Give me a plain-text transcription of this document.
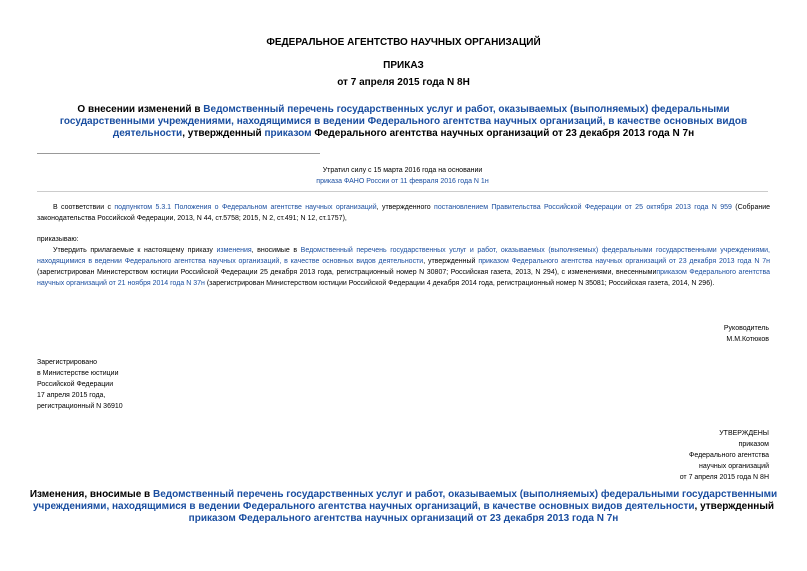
ФЕДЕРАЛЬНОЕ АГЕНТСТВО НАУЧНЫХ ОРГАНИЗАЦИЙ
ПРИКАЗ
от 7 апреля 2015 года N 8Н
О внесении изменений в Ведомственный перечень государственных услуг и работ, оказываемых (выполняемых) федеральными государственными учреждениями, находящимися в ведении Федерального агентства научных организаций, в качестве основных видов деятельности, утвержденный приказом Федерального агентства научных организаций от 23 декабря 2013 года N 7н
Утратил силу с 15 марта 2016 года на основании
приказа ФАНО России от 11 февраля 2016 года N 1н
В соответствии с подпунктом 5.3.1 Положения о Федеральном агентстве научных организаций, утвержденного постановлением Правительства Российской Федерации от 25 октября 2013 года N 959 (Собрание законодательства Российской Федерации, 2013, N 44, ст.5758; 2015, N 2, ст.491; N 12, ст.1757),
приказываю:
Утвердить прилагаемые к настоящему приказу изменения, вносимые в Ведомственный перечень государственных услуг и работ, оказываемых (выполняемых) федеральными государственными учреждениями, находящимися в ведении Федерального агентства научных организаций, в качестве основных видов деятельности, утвержденный приказом Федерального агентства научных организаций от 23 декабря 2013 года N 7н (зарегистрирован Министерством юстиции Российской Федерации 25 декабря 2013 года, регистрационный номер N 30807; Российская газета, 2013, N 294), с изменениями, внесеннымиприказом Федерального агентства научных организаций от 21 ноября 2014 года N 37н (зарегистрирован Министерством юстиции Российской Федерации 4 декабря 2014 года, регистрационный номер N 35081; Российская газета, 2014, N 296).
Руководитель
М.М.Котюков
Зарегистрировано
в Министерстве юстиции
Российской Федерации
17 апреля 2015 года,
регистрационный N 36910
УТВЕРЖДЕНЫ
приказом
Федерального агентства
научных организаций
от 7 апреля 2015 года N 8Н
Изменения, вносимые в Ведомственный перечень государственных услуг и работ, оказываемых (выполняемых) федеральными государственными учреждениями, находящимися в ведении Федерального агентства научных организаций, в качестве основных видов деятельности, утвержденный приказом Федерального агентства научных организаций от 23 декабря 2013 года N 7н
